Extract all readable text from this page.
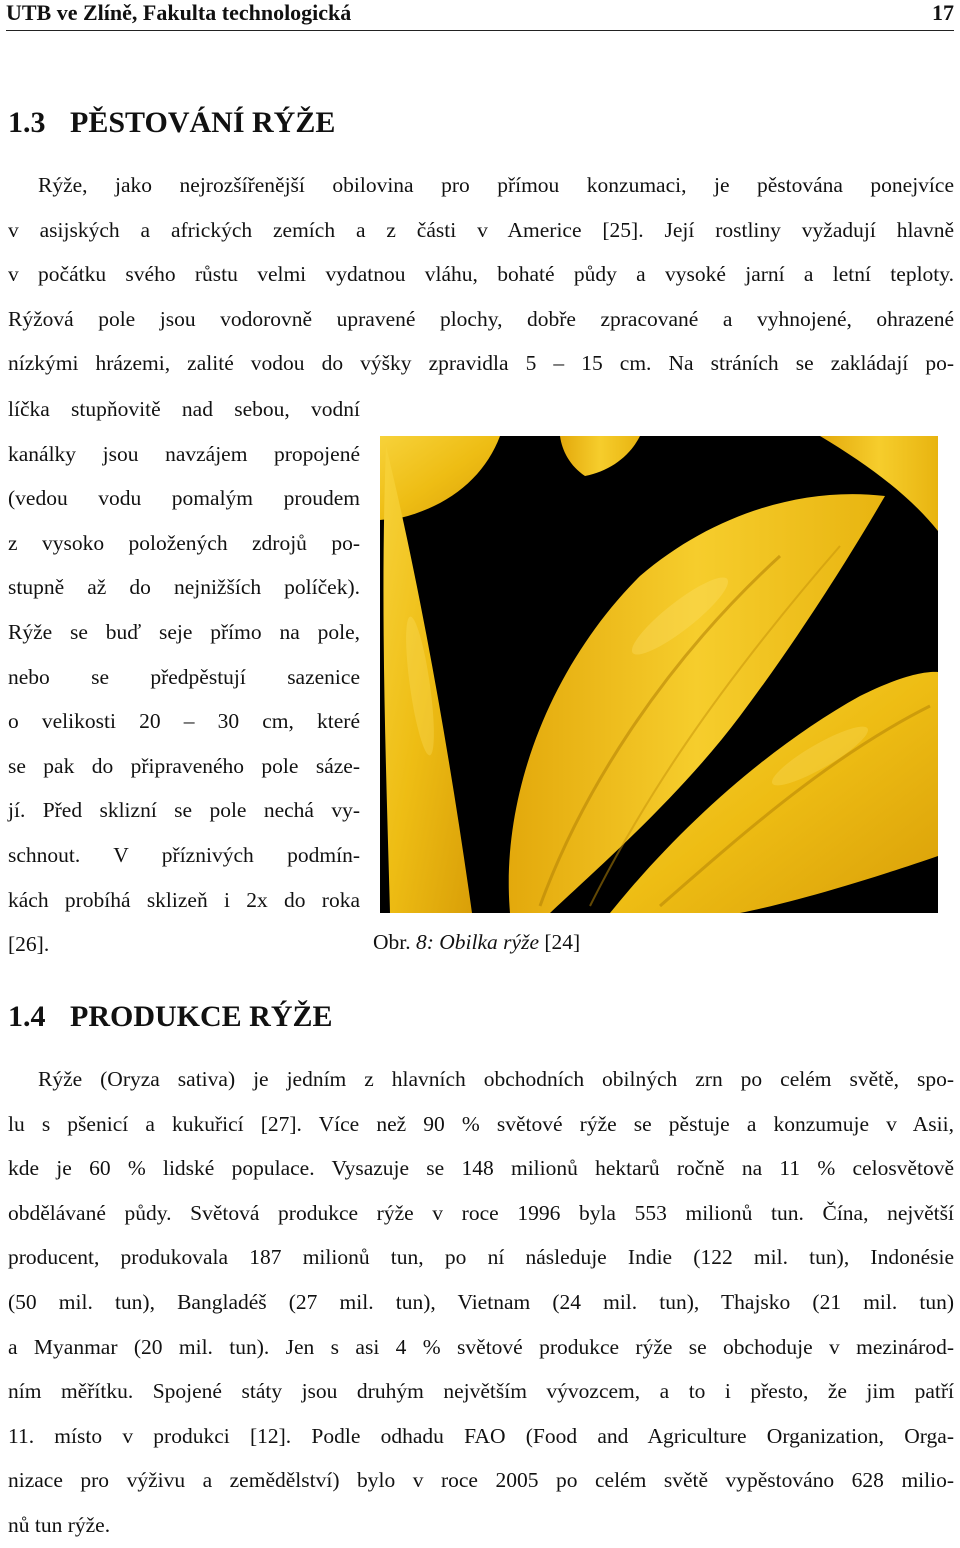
UTB ve Zlíně, Fakultа technologická	17
1.3 PĚSTOVÁNÍ RÝŽE
Rýže, jako nejrozšířenější obilovina pro přímou konzumaci, je pěstována ponejvíce
v asijských a afrických zemích a z části v Americe [25]. Její rostliny vyžadují hlavně
v počátku svého růstu velmi vydatnou vláhu, bohaté půdy a vysoké jarní a letní teploty.
Rýžová pole jsou vodorovně upravené plochy, dobře zpracované a vyhnojené, ohrazené
nízkými hrázemi, zalité vodou do výšky zpravidla 5 – 15 cm. Na stráních se zakládají po-
líčka stupňovitě nad sebou, vodní
kanálky jsou navzájem propojené
(vedou vodu pomalým proudem
z vysoko položených zdrojů po-
stupně až do nejnižších políček).
Rýže se buď seje přímo na pole,
nebo se předpěstují sazenice
o velikosti 20 – 30 cm, které
se pak do připraveného pole sáze-
jí. Před sklizní se pole nechá vy-
schnout. V příznivých podmín-
kách probíhá sklizeň i 2x do roka
[26].	Obr. 8: Obilka rýže [24]
1.4 PRODUKCE RÝŽE
Rýže (Oryza sativa) je jedním z hlavních obchodních obilných zrn po celém světě, spo-
lu s pšenicí a kukuřicí [27]. Více než 90 % světové rýže se pěstuje a konzumuje v Asii,
kde je 60 % lidské populace. Vysazuje se 148 milionů hektarů ročně na 11 % celosvětově
obdělávané půdy. Světová produkce rýže v roce 1996 byla 553 milionů tun. Čína, největší
producent, produkovala 187 milionů tun, po ní následuje Indie (122 mil. tun), Indonésie
(50 mil. tun), Bangladéš (27 mil. tun), Vietnam (24 mil. tun), Thajsko (21 mil. tun)
a Myanmar (20 mil. tun). Jen s asi 4 % světové produkce rýže se obchoduje v mezinárod-
ním měřítku. Spojené státy jsou druhým největším vývozcem, a to i přesto, že jim patří
11. místo v produkci [12]. Podle odhadu FAO (Food and Agriculture Organization, Orga-
nizace pro výživu a zemědělství) bylo v roce 2005 po celém světě vypěstováno 628 milio-
nů tun rýže.
